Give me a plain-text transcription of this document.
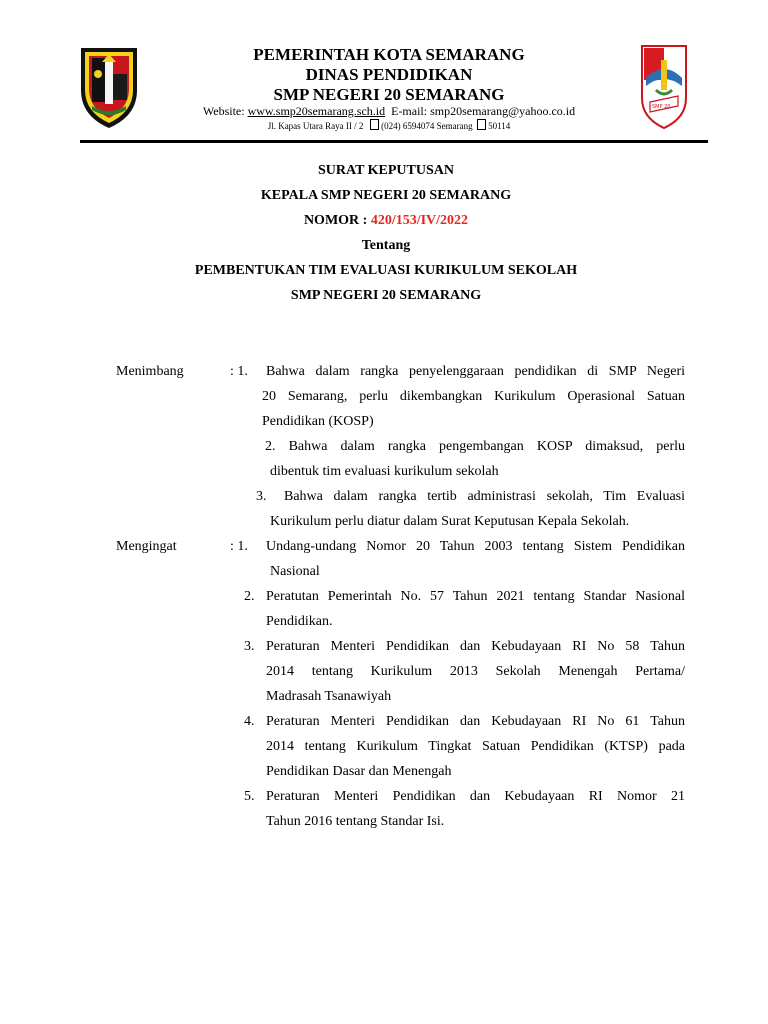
SMP 20
PEMERINTAH KOTA SEMARANG
DINAS PENDIDIKAN
SMP NEGERI 20 SEMARANG
Website: www.smp20semarang.sch.id E-mail: smp20semarang@yahoo.co.id
Jl. Kapas Utara Raya II / 2 (024) 6594074 Semarang 50114
SURAT KEPUTUSAN
KEPALA SMP NEGERI 20 SEMARANG
NOMOR : 420/153/IV/2022
Tentang
PEMBENTUKAN TIM EVALUASI KURIKULUM SEKOLAH
SMP NEGERI 20 SEMARANG
Menimbang	: 1. Bahwa dalam rangka penyelenggaraan pendidikan di SMP Negeri
20 Semarang, perlu dikembangkan Kurikulum Operasional Satuan
Pendidikan (KOSP)
2. Bahwa dalam rangka pengembangan KOSP dimaksud, perlu
dibentuk tim evaluasi kurikulum sekolah
3. Bahwa dalam rangka tertib administrasi sekolah, Tim Evaluasi
Kurikulum perlu diatur dalam Surat Keputusan Kepala Sekolah.
Mengingat	: 1. Undang-undang Nomor 20 Tahun 2003 tentang Sistem Pendidikan
Nasional
2. Peratutan Pemerintah No. 57 Tahun 2021 tentang Standar Nasional
Pendidikan.
3. Peraturan Menteri Pendidikan dan Kebudayaan RI No 58 Tahun
2014 tentang Kurikulum 2013 Sekolah Menengah Pertama/
Madrasah Tsanawiyah
4. Peraturan Menteri Pendidikan dan Kebudayaan RI No 61 Tahun
2014 tentang Kurikulum Tingkat Satuan Pendidikan (KTSP) pada
Pendidikan Dasar dan Menengah
5. Peraturan Menteri Pendidikan dan Kebudayaan RI Nomor 21
Tahun 2016 tentang Standar Isi.
